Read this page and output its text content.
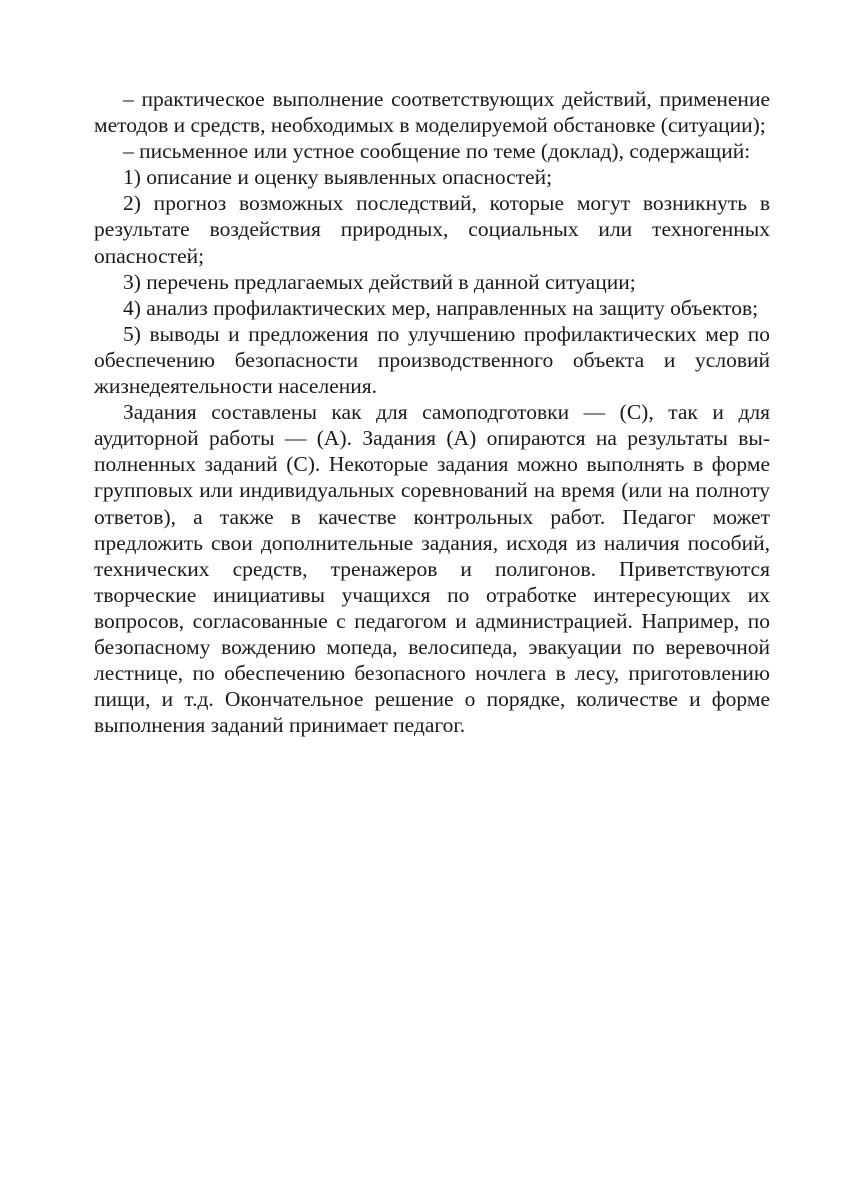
– практическое выполнение соответствующих действий, применение методов и средств, необходимых в моделируемой обстановке (ситуации);

– письменное или устное сообщение по теме (доклад), содержащий:

1) описание и оценку выявленных опасностей;

2) прогноз возможных последствий, которые могут возникнуть в результате воздействия природных, социальных или техногенных опасностей;

3) перечень предлагаемых действий в данной ситуации;

4) анализ профилактических мер, направленных на защиту объектов;

5) выводы и предложения по улучшению профилактических мер по обеспечению безопасности производственного объекта и условий жизнедеятельности населения.

Задания составлены как для самоподготовки — (С), так и для аудиторной работы — (А). Задания (А) опираются на результаты выполненных заданий (С). Некоторые задания можно выполнять в форме групповых или индивидуальных соревнований на время (или на полноту ответов), а также в качестве контрольных работ. Педагог может предложить свои дополнительные задания, исходя из наличия пособий, технических средств, тренажеров и полигонов. Приветствуются творческие инициативы учащихся по отработке интересующих их вопросов, согласованные с педагогом и администрацией. Например, по безопасному вождению мопеда, велосипеда, эвакуации по веревочной лестнице, по обеспечению безопасного ночлега в лесу, приготовлению пищи, и т.д. Окончательное решение о порядке, количестве и форме выполнения заданий принимает педагог.
